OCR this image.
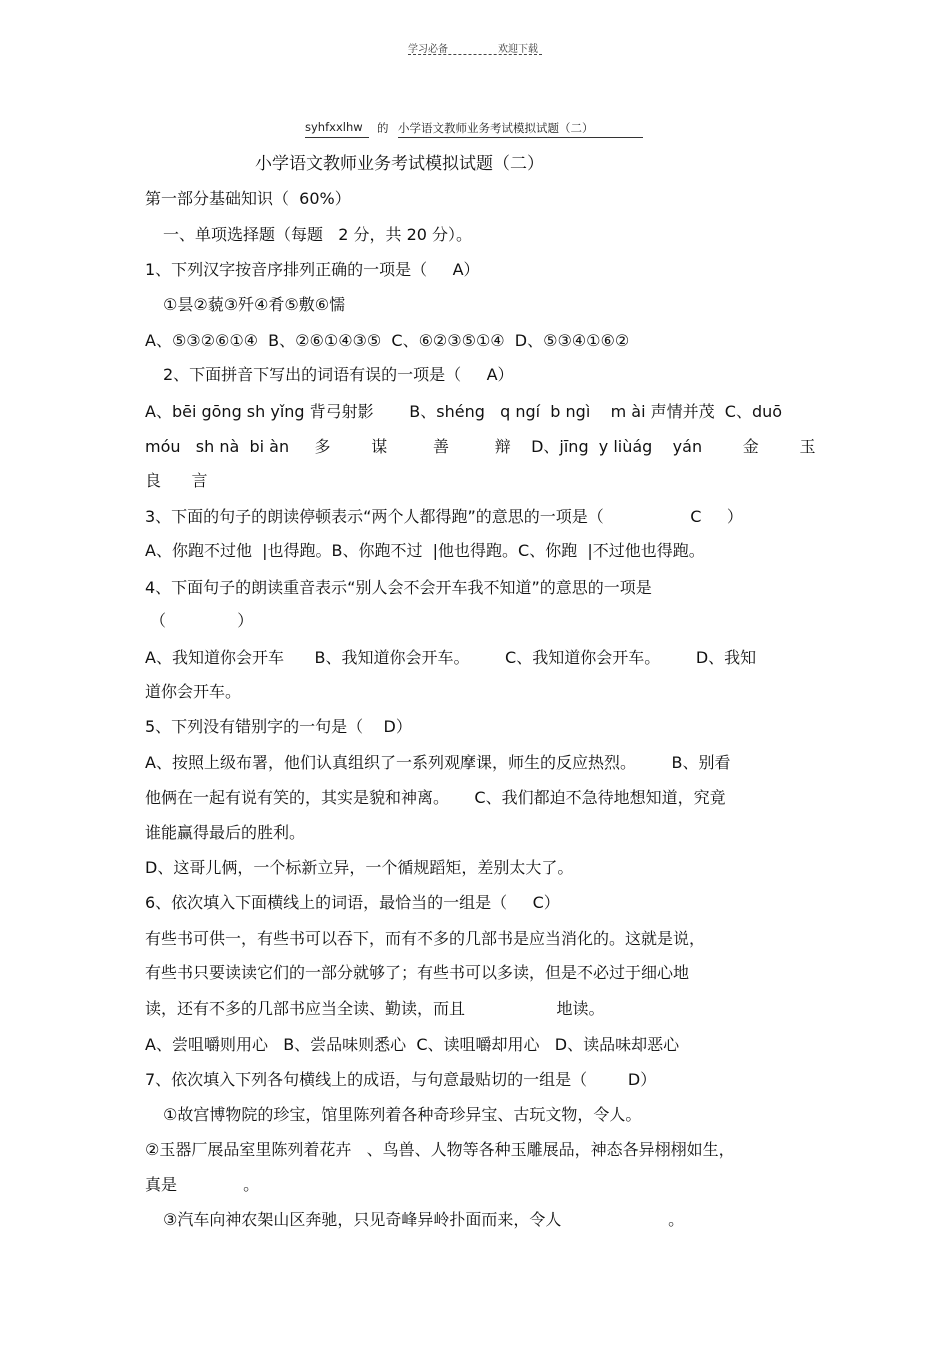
学习必备	欢迎下载
syhfxxlhw 的 小学语文教师业务考试模拟试题（二）
小学语文教师业务考试模拟试题（二）
第一部分基础知识（  60%）
一、单项选择题（每题   2 分，共 20 分）。
1、下列汉字按音序排列正确的一项是（     A）
①昙②藐③歼④肴⑤敷⑥懦
A、⑤③②⑥①④  B、②⑥①④③⑤  C、⑥②③⑤①④  D、⑤③④①⑥②
2、下面拼音下写出的词语有误的一项是（     A）
A、bēi gōng sh yǐng 背弓射影       B、shéng   q ngí  b ngì    m ài 声情并茂  C、duō
móu   sh nà  bi àn     多        谋         善         辩    D、jīng  y liùág    yán        金        玉
良      言
3、下面的句子的朗读停顿表示“两个人都得跑”的意思的一项是（                 C     ）
A、你跑不过他  |也得跑。B、你跑不过  |他也得跑。C、你跑  |不过他也得跑。
4、下面句子的朗读重音表示“别人会不会开车我不知道”的意思的一项是
（              ）
A、我知道你会开车      B、我知道你会开车。       C、我知道你会开车。       D、我知
道你会开车。
5、下列没有错别字的一句是（    D）
A、按照上级布署，他们认真组织了一系列观摩课，师生的反应热烈。       B、别看
他俩在一起有说有笑的，其实是貌和神离。     C、我们都迫不急待地想知道，究竟
谁能赢得最后的胜利。
D、这哥儿俩，一个标新立异，一个循规蹈矩，差别太大了。
6、依次填入下面横线上的词语，最恰当的一组是（     C）
有些书可供一，有些书可以吞下，而有不多的几部书是应当消化的。这就是说，
有些书只要读读它们的一部分就够了；有些书可以多读，但是不必过于细心地
读，还有不多的几部书应当全读、勤读，而且                  地读。
A、尝咀嚼则用心   B、尝品味则悉心  C、读咀嚼却用心   D、读品味却恶心
7、依次填入下列各句横线上的成语，与句意最贴切的一组是（        D）
①故宫博物院的珍宝，馆里陈列着各种奇珍异宝、古玩文物，令人。
②玉器厂展品室里陈列着花卉   、鸟兽、人物等各种玉雕展品，神态各异栩栩如生，
真是             。
③汽车向神农架山区奔驰，只见奇峰异岭扑面而来，令人                     。
